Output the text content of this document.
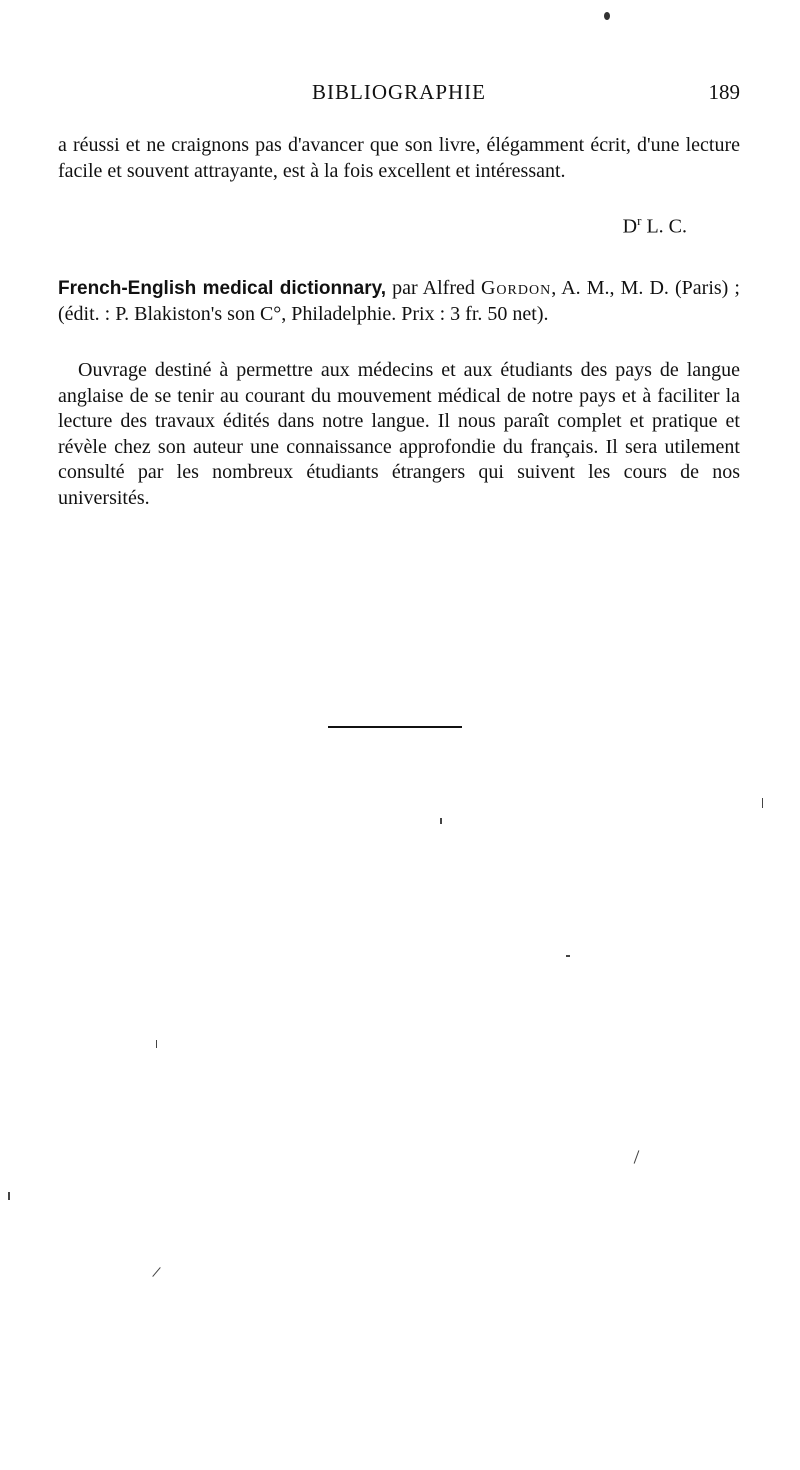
BIBLIOGRAPHIE	189

a réussi et ne craignons pas d'avancer que son livre, élégamment écrit, d'une lecture facile et souvent attrayante, est à la fois excellent et intéressant.

$D^r$ L. C.

French-English medical dictionnary, par Alfred Gordon, A. M., M. D. (Paris) ; (édit. : P. Blakiston's son C°, Philadelphie. Prix : 3 fr. 50 net).

Ouvrage destiné à permettre aux médecins et aux étudiants des pays de langue anglaise de se tenir au courant du mouvement médical de notre pays et à faciliter la lecture des travaux édités dans notre langue. Il nous paraît complet et pratique et révèle chez son auteur une connaissance approfondie du français. Il sera utilement consulté par les nombreux étudiants étrangers qui suivent les cours de nos universités.
